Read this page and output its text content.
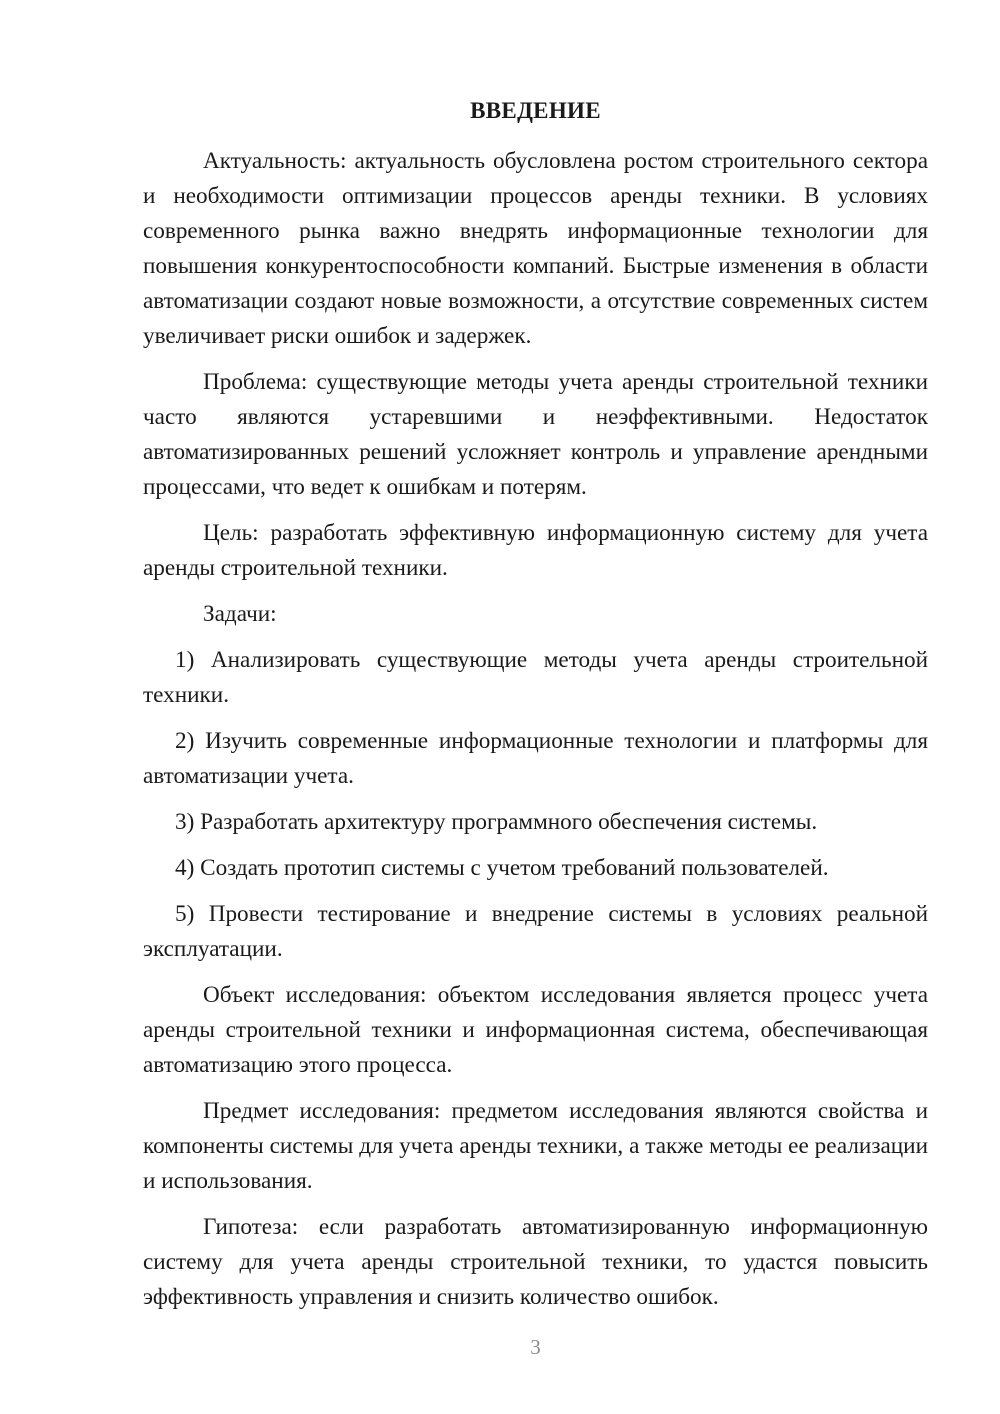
ВВЕДЕНИЕ

Актуальность: актуальность обусловлена ростом строительного сектора и необходимости оптимизации процессов аренды техники. В условиях современного рынка важно внедрять информационные технологии для повышения конкурентоспособности компаний. Быстрые изменения в области автоматизации создают новые возможности, а отсутствие современных систем увеличивает риски ошибок и задержек.

Проблема: существующие методы учета аренды строительной техники часто являются устаревшими и неэффективными. Недостаток автоматизированных решений усложняет контроль и управление арендными процессами, что ведет к ошибкам и потерям.

Цель: разработать эффективную информационную систему для учета аренды строительной техники.

Задачи:

1) Анализировать существующие методы учета аренды строительной техники.

2) Изучить современные информационные технологии и платформы для автоматизации учета.

3) Разработать архитектуру программного обеспечения системы.

4) Создать прототип системы с учетом требований пользователей.

5) Провести тестирование и внедрение системы в условиях реальной эксплуатации.

Объект исследования: объектом исследования является процесс учета аренды строительной техники и информационная система, обеспечивающая автоматизацию этого процесса.

Предмет исследования: предметом исследования являются свойства и компоненты системы для учета аренды техники, а также методы ее реализации и использования.

Гипотеза: если разработать автоматизированную информационную систему для учета аренды строительной техники, то удастся повысить эффективность управления и снизить количество ошибок.

3
